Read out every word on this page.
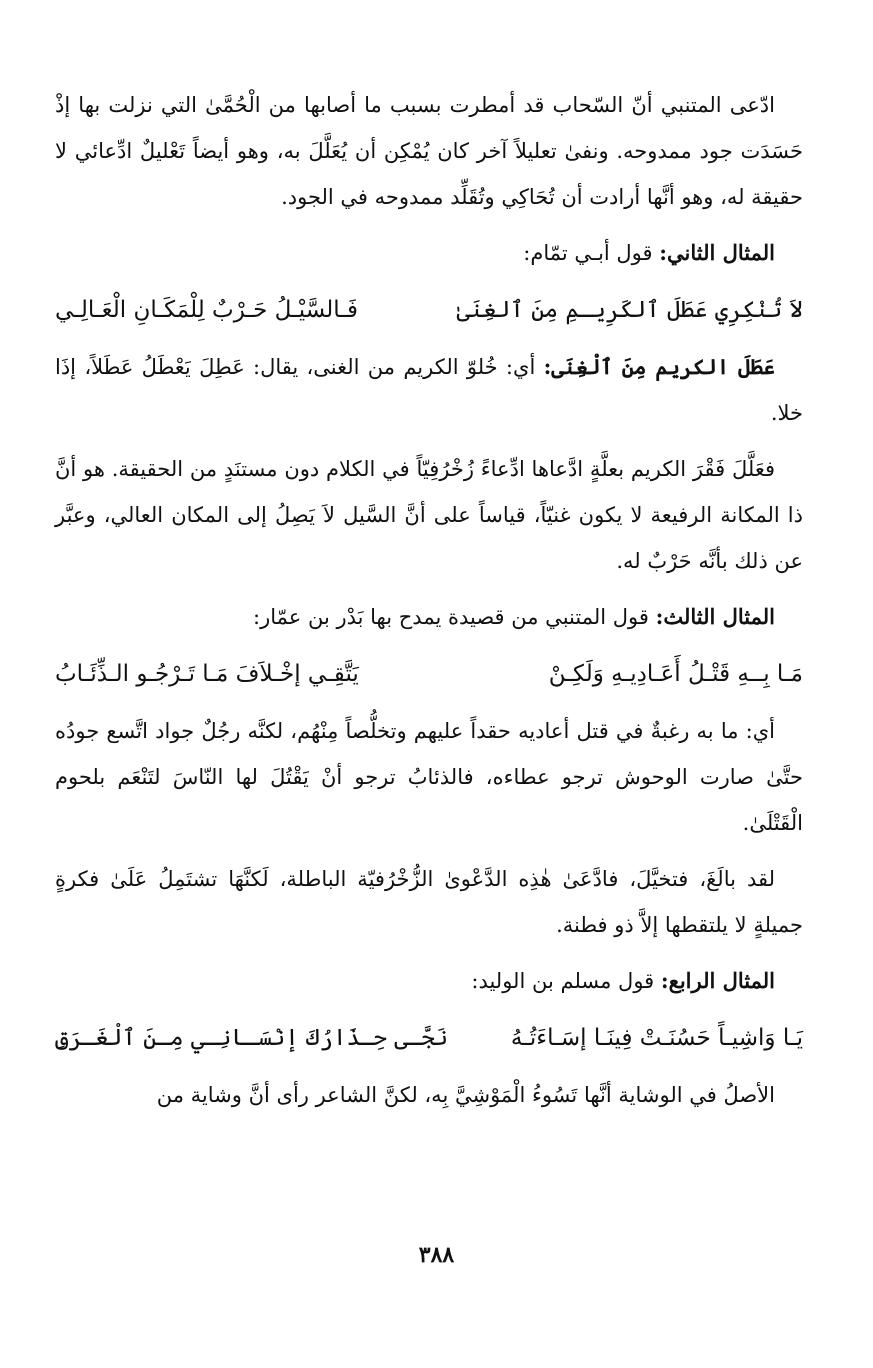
ادّعى المتنبي أنّ السّحاب قد أمطرت بسبب ما أصابها من الْحُمَّىٰ التي نزلت بها إذْ حَسَدَت جود ممدوحه. ونفىٰ تعليلاً آخر كان يُمْكِن أن يُعَلَّلَ به، وهو أيضاً تَعْليلٌ ادِّعائي لا حقيقة له، وهو أنَّها أرادت أن تُحَاكِي وتُقَلِّد ممدوحه في الجود.

المثال الثاني: قول أبـي تمّام:

لاَ تُنْكِرِي عَطَلَ ٱلكَرِيـمِ مِنَ ٱلغِنَىٰ
فَـالسَّيْـلُ حَـرْبٌ لِلْمَكَـانِ الْعَـالِـي

عَطَلَ الكريم مِنَ ٱلْغِنَى: أي: خُلوّ الكريم من الغنى، يقال: عَطِلَ يَعْطَلُ عَطَلاً، إذَا خلا.

فعَلَّلَ فَقْرَ الكريم بعلَّةٍ ادَّعاها ادِّعاءً زُخْرُفِيّاً في الكلام دون مستنَدٍ من الحقيقة. هو أنَّ ذا المكانة الرفيعة لا يكون غنيّاً، قياساً على أنَّ السَّيل لاَ يَصِلُ إلى المكان العالي، وعبَّر عن ذلك بأنَّه حَرْبٌ له.

المثال الثالث: قول المتنبي من قصيدة يمدح بها بَدْر بن عمّار:

مَـا بِــهِ قَتْـلُ أَعَـادِيـهِ وَلَكِـنْ
يَتَّقِـي إخْـلاَفَ مَـا تَـرْجُـو الـذِّئَـابُ

أي: ما به رغبةٌ في قتل أعاديه حقداً عليهم وتخلُّصاً مِنْهُم، لكنَّه رجُلٌ جواد اتَّسع جودُه حتَّىٰ صارت الوحوش ترجو عطاءه، فالذئابُ ترجو أنْ يَقْتُلَ لها النّاسَ لتَنْعَم بلحوم الْقَتْلَىٰ.

لقد بالَغَ، فتخيَّلَ، فادَّعَىٰ هٰذِه الدَّعْوىٰ الزُّخْرُفيّة الباطلة، لَكنَّهَا تشتَمِلُ عَلَىٰ فكرةٍ جميلةٍ لا يلتقطها إلاَّ ذو فطنة.

المثال الرابع: قول مسلم بن الوليد:

يَـا وَاشِيـاً حَسُنَـتْ فِينَـا إسَـاءَتُـهُ
نَجَّـى حِـذَارُكَ إنْسَـانِـي مِـنَ ٱلْغَـرَقِ

الأصلُ في الوشاية أنَّها تَسُوءُ الْمَوْشِيَّ بِه، لكنَّ الشاعر رأى أنَّ وشاية من

٣٨٨
